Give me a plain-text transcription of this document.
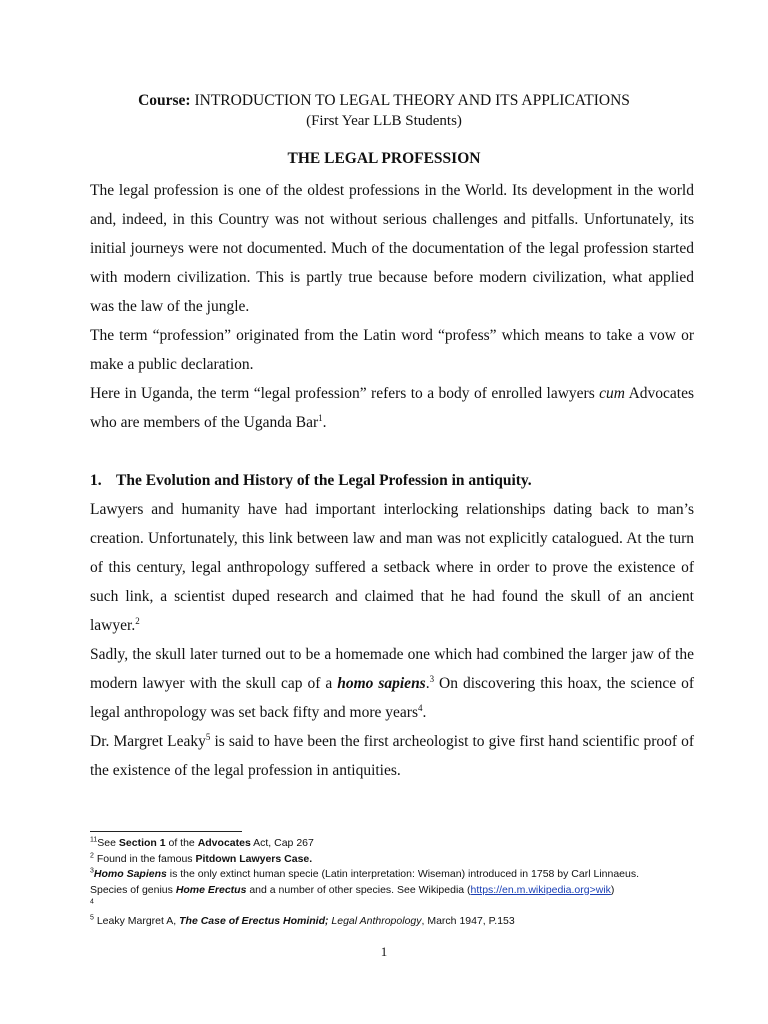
Course: INTRODUCTION TO LEGAL THEORY AND ITS APPLICATIONS
(First Year LLB Students)
THE LEGAL PROFESSION

The legal profession is one of the oldest professions in the World. Its development in the world and, indeed, in this Country was not without serious challenges and pitfalls. Unfortunately, its initial journeys were not documented. Much of the documentation of the legal profession started with modern civilization. This is partly true because before modern civilization, what applied was the law of the jungle.

The term “profession” originated from the Latin word “profess” which means to take a vow or make a public declaration.

Here in Uganda, the term “legal profession” refers to a body of enrolled lawyers cum Advocates who are members of the Uganda Bar$^1$.

1. The Evolution and History of the Legal Profession in antiquity.

Lawyers and humanity have had important interlocking relationships dating back to man’s creation. Unfortunately, this link between law and man was not explicitly catalogued. At the turn of this century, legal anthropology suffered a setback where in order to prove the existence of such link, a scientist duped research and claimed that he had found the skull of an ancient lawyer.$^2$

Sadly, the skull later turned out to be a homemade one which had combined the larger jaw of the modern lawyer with the skull cap of a homo sapiens.$^3$ On discovering this hoax, the science of legal anthropology was set back fifty and more years$^4$.

Dr. Margret Leaky$^5$ is said to have been the first archeologist to give first hand scientific proof of the existence of the legal profession in antiquities.

$^{11}$See Section 1 of the Advocates Act, Cap 267
$^2$ Found in the famous Pitdown Lawyers Case.
$^3$Homo Sapiens is the only extinct human specie (Latin interpretation: Wiseman) introduced in 1758 by Carl Linnaeus.
Species of genius Home Erectus and a number of other species. See Wikipedia (https://en.m.wikipedia.org>wik)
$^4$
$^5$ Leaky Margret A, The Case of Erectus Hominid; Legal Anthropology, March 1947, P.153
1
